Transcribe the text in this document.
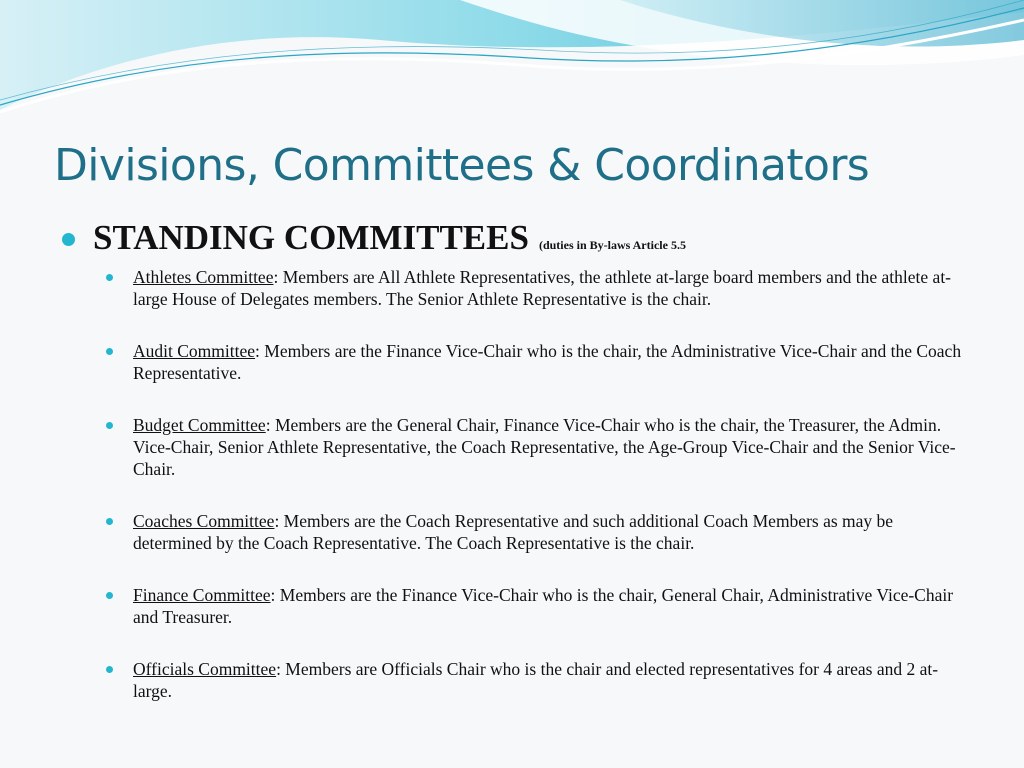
Divisions, Committees & Coordinators
STANDING COMMITTEES (duties in By-laws Article 5.5
Athletes Committee: Members are All Athlete Representatives, the athlete at-large board members and the athlete at-large House of Delegates members. The Senior Athlete Representative is the chair.
Audit Committee: Members are the Finance Vice-Chair who is the chair, the Administrative Vice-Chair and the Coach Representative.
Budget Committee: Members are the General Chair, Finance Vice-Chair who is the chair, the Treasurer, the Admin. Vice-Chair, Senior Athlete Representative, the Coach Representative, the Age-Group Vice-Chair and the Senior Vice-Chair.
Coaches Committee: Members are the Coach Representative and such additional Coach Members as may be determined by the Coach Representative. The Coach Representative is the chair.
Finance Committee: Members are the Finance Vice-Chair who is the chair, General Chair, Administrative Vice-Chair and Treasurer.
Officials Committee: Members are Officials Chair who is the chair and elected representatives for 4 areas and 2 at-large.
